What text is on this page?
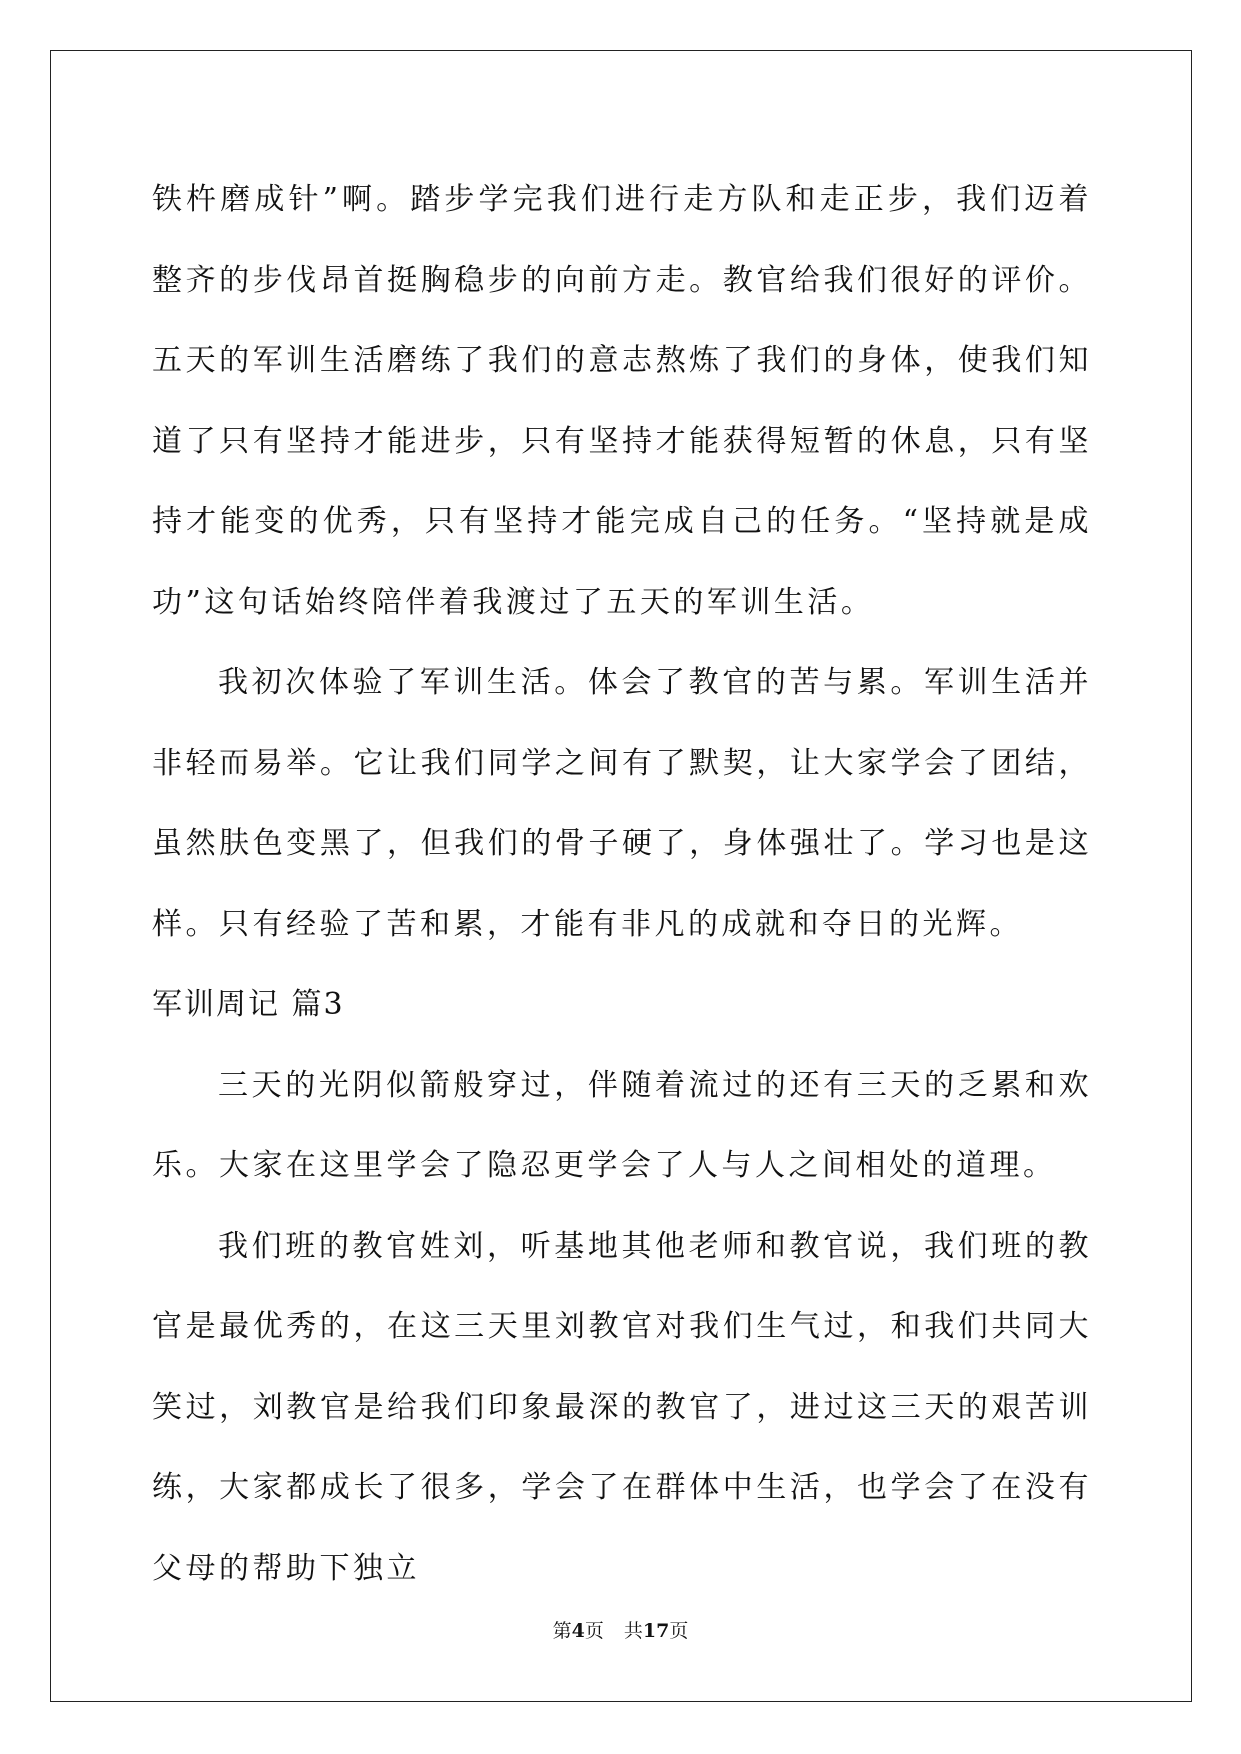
铁杵磨成针”啊。踏步学完我们进行走方队和走正步，我们迈着整齐的步伐昂首挺胸稳步的向前方走。教官给我们很好的评价。五天的军训生活磨练了我们的意志熬炼了我们的身体，使我们知道了只有坚持才能进步，只有坚持才能获得短暂的休息，只有坚持才能变的优秀，只有坚持才能完成自己的任务。“坚持就是成功”这句话始终陪伴着我渡过了五天的军训生活。

我初次体验了军训生活。体会了教官的苦与累。军训生活并非轻而易举。它让我们同学之间有了默契，让大家学会了团结，虽然肤色变黑了，但我们的骨子硬了，身体强壮了。学习也是这样。只有经验了苦和累，才能有非凡的成就和夺日的光辉。

军训周记 篇3

三天的光阴似箭般穿过，伴随着流过的还有三天的乏累和欢乐。大家在这里学会了隐忍更学会了人与人之间相处的道理。

我们班的教官姓刘，听基地其他老师和教官说，我们班的教官是最优秀的，在这三天里刘教官对我们生气过，和我们共同大笑过，刘教官是给我们印象最深的教官了，进过这三天的艰苦训练，大家都成长了很多，学会了在群体中生活，也学会了在没有父母的帮助下独立

第4页 共17页
